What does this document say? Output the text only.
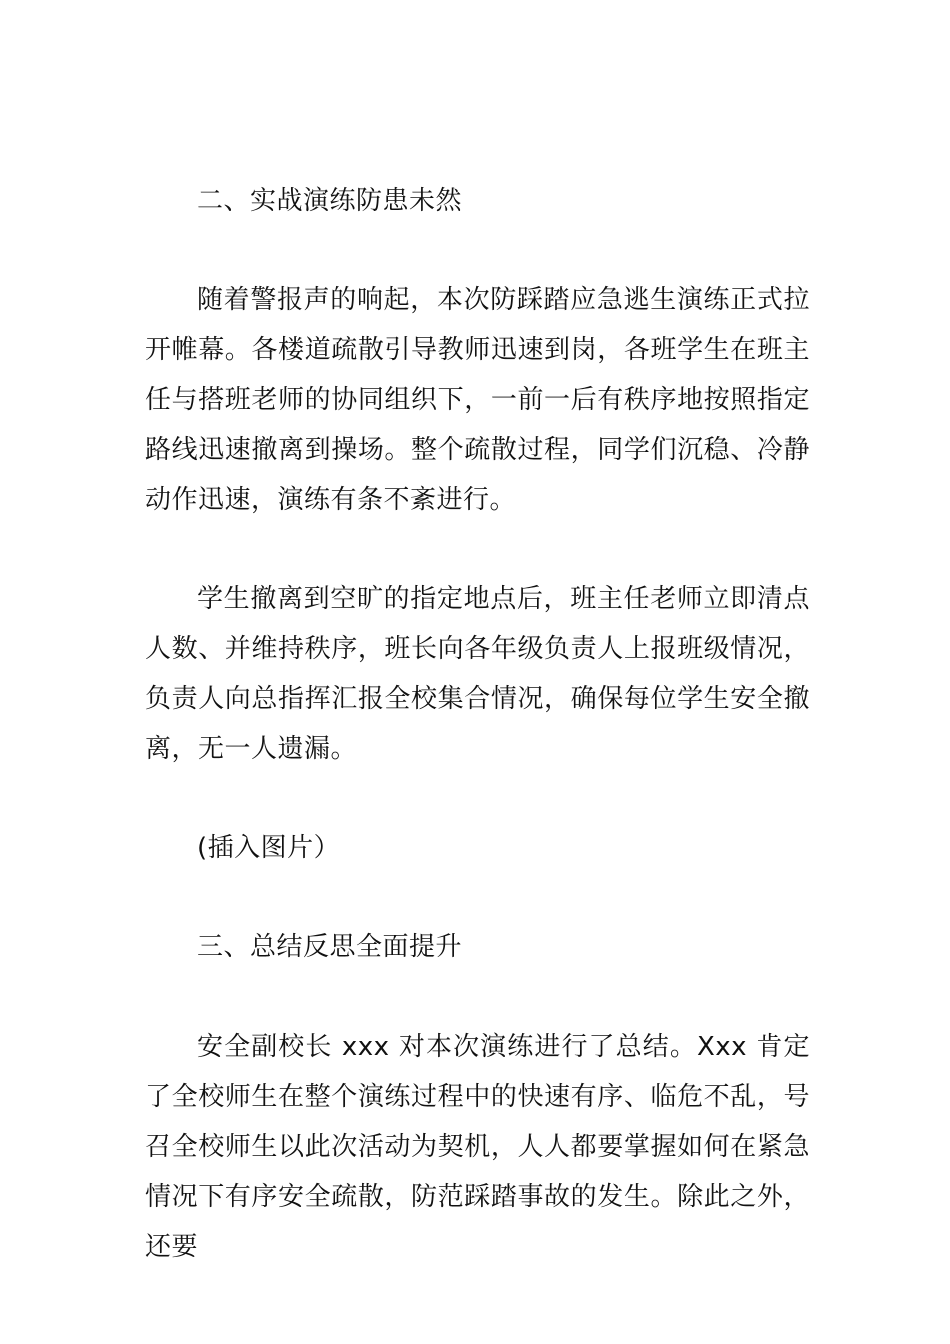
二、实战演练防患未然

随着警报声的响起，本次防踩踏应急逃生演练正式拉开帷幕。各楼道疏散引导教师迅速到岗，各班学生在班主任与搭班老师的协同组织下，一前一后有秩序地按照指定路线迅速撤离到操场。整个疏散过程，同学们沉稳、冷静动作迅速，演练有条不紊进行。

学生撤离到空旷的指定地点后，班主任老师立即清点人数、并维持秩序，班长向各年级负责人上报班级情况，负责人向总指挥汇报全校集合情况，确保每位学生安全撤离，无一人遗漏。

(插入图片）

三、总结反思全面提升

安全副校长 xxx 对本次演练进行了总结。Xxx 肯定了全校师生在整个演练过程中的快速有序、临危不乱，号召全校师生以此次活动为契机，人人都要掌握如何在紧急情况下有序安全疏散，防范踩踏事故的发生。除此之外，还要
